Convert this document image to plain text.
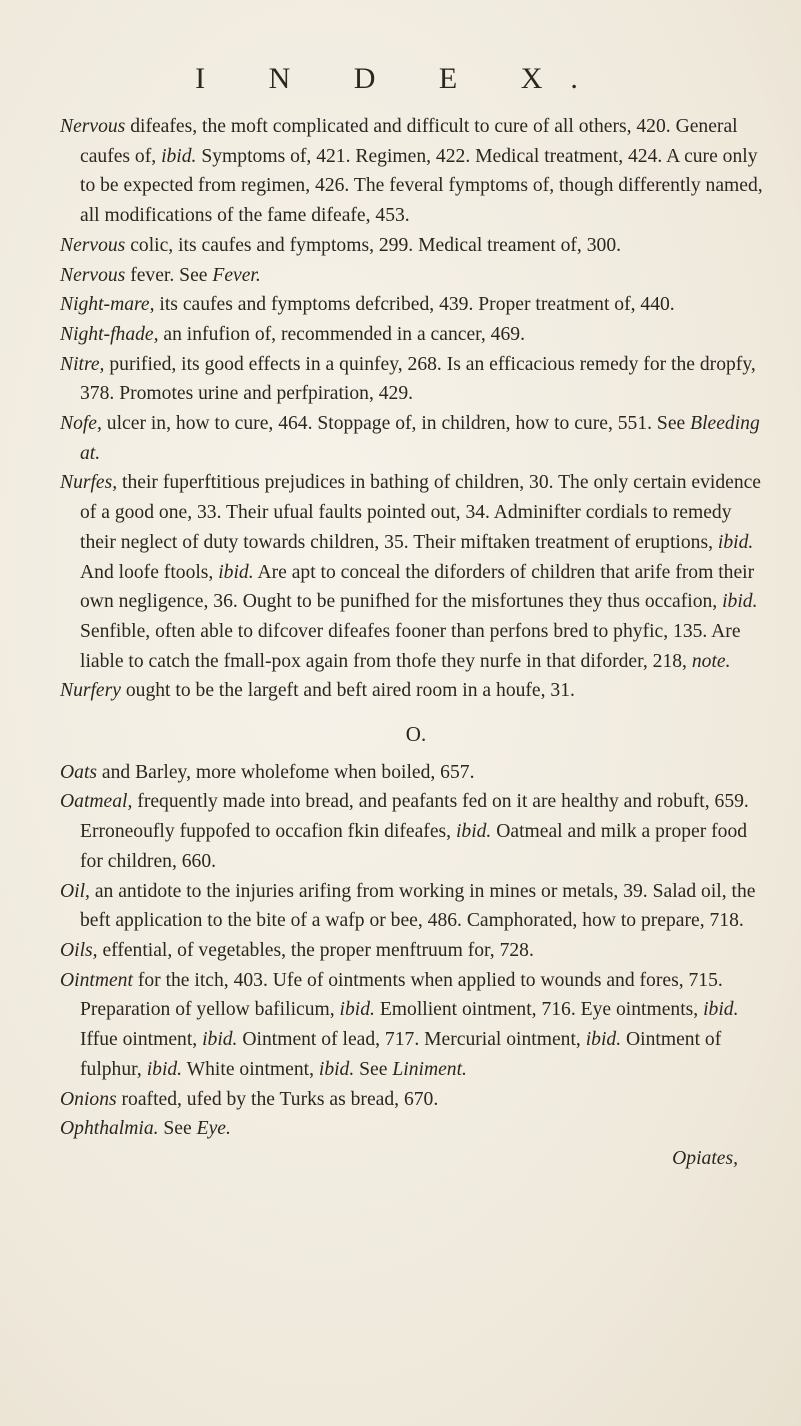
I N D E X.

Nervous difeafes, the moft complicated and difficult to cure of all others, 420. General caufes of, ibid. Symptoms of, 421. Regimen, 422. Medical treatment, 424. A cure only to be expected from regimen, 426. The feveral fymptoms of, though differently named, all modifications of the fame difeafe, 453.

Nervous colic, its caufes and fymptoms, 299. Medical treament of, 300.

Nervous fever. See Fever.

Night-mare, its caufes and fymptoms defcribed, 439. Proper treatment of, 440.

Night-fhade, an infufion of, recommended in a cancer, 469.

Nitre, purified, its good effects in a quinfey, 268. Is an efficacious remedy for the dropfy, 378. Promotes urine and perfpiration, 429.

Nofe, ulcer in, how to cure, 464. Stoppage of, in children, how to cure, 551. See Bleeding at.

Nurfes, their fuperftitious prejudices in bathing of children, 30. The only certain evidence of a good one, 33. Their ufual faults pointed out, 34. Adminifter cordials to remedy their neglect of duty towards children, 35. Their miftaken treatment of eruptions, ibid. And loofe ftools, ibid. Are apt to conceal the diforders of children that arife from their own negligence, 36. Ought to be punifhed for the misfortunes they thus occafion, ibid. Senfible, often able to difcover difeafes fooner than perfons bred to phyfic, 135. Are liable to catch the fmall-pox again from thofe they nurfe in that diforder, 218, note.

Nurfery ought to be the largeft and beft aired room in a houfe, 31.

O.

Oats and Barley, more wholefome when boiled, 657.

Oatmeal, frequently made into bread, and peafants fed on it are healthy and robuft, 659. Erroneoufly fuppofed to occafion fkin difeafes, ibid. Oatmeal and milk a proper food for children, 660.

Oil, an antidote to the injuries arifing from working in mines or metals, 39. Salad oil, the beft application to the bite of a wafp or bee, 486. Camphorated, how to prepare, 718.

Oils, effential, of vegetables, the proper menftruum for, 728.

Ointment for the itch, 403. Ufe of ointments when applied to wounds and fores, 715. Preparation of yellow bafilicum, ibid. Emollient ointment, 716. Eye ointments, ibid. Iffue ointment, ibid. Ointment of lead, 717. Mercurial ointment, ibid. Ointment of fulphur, ibid. White ointment, ibid. See Liniment.

Onions roafted, ufed by the Turks as bread, 670.

Ophthalmia. See Eye.

Opiates,
